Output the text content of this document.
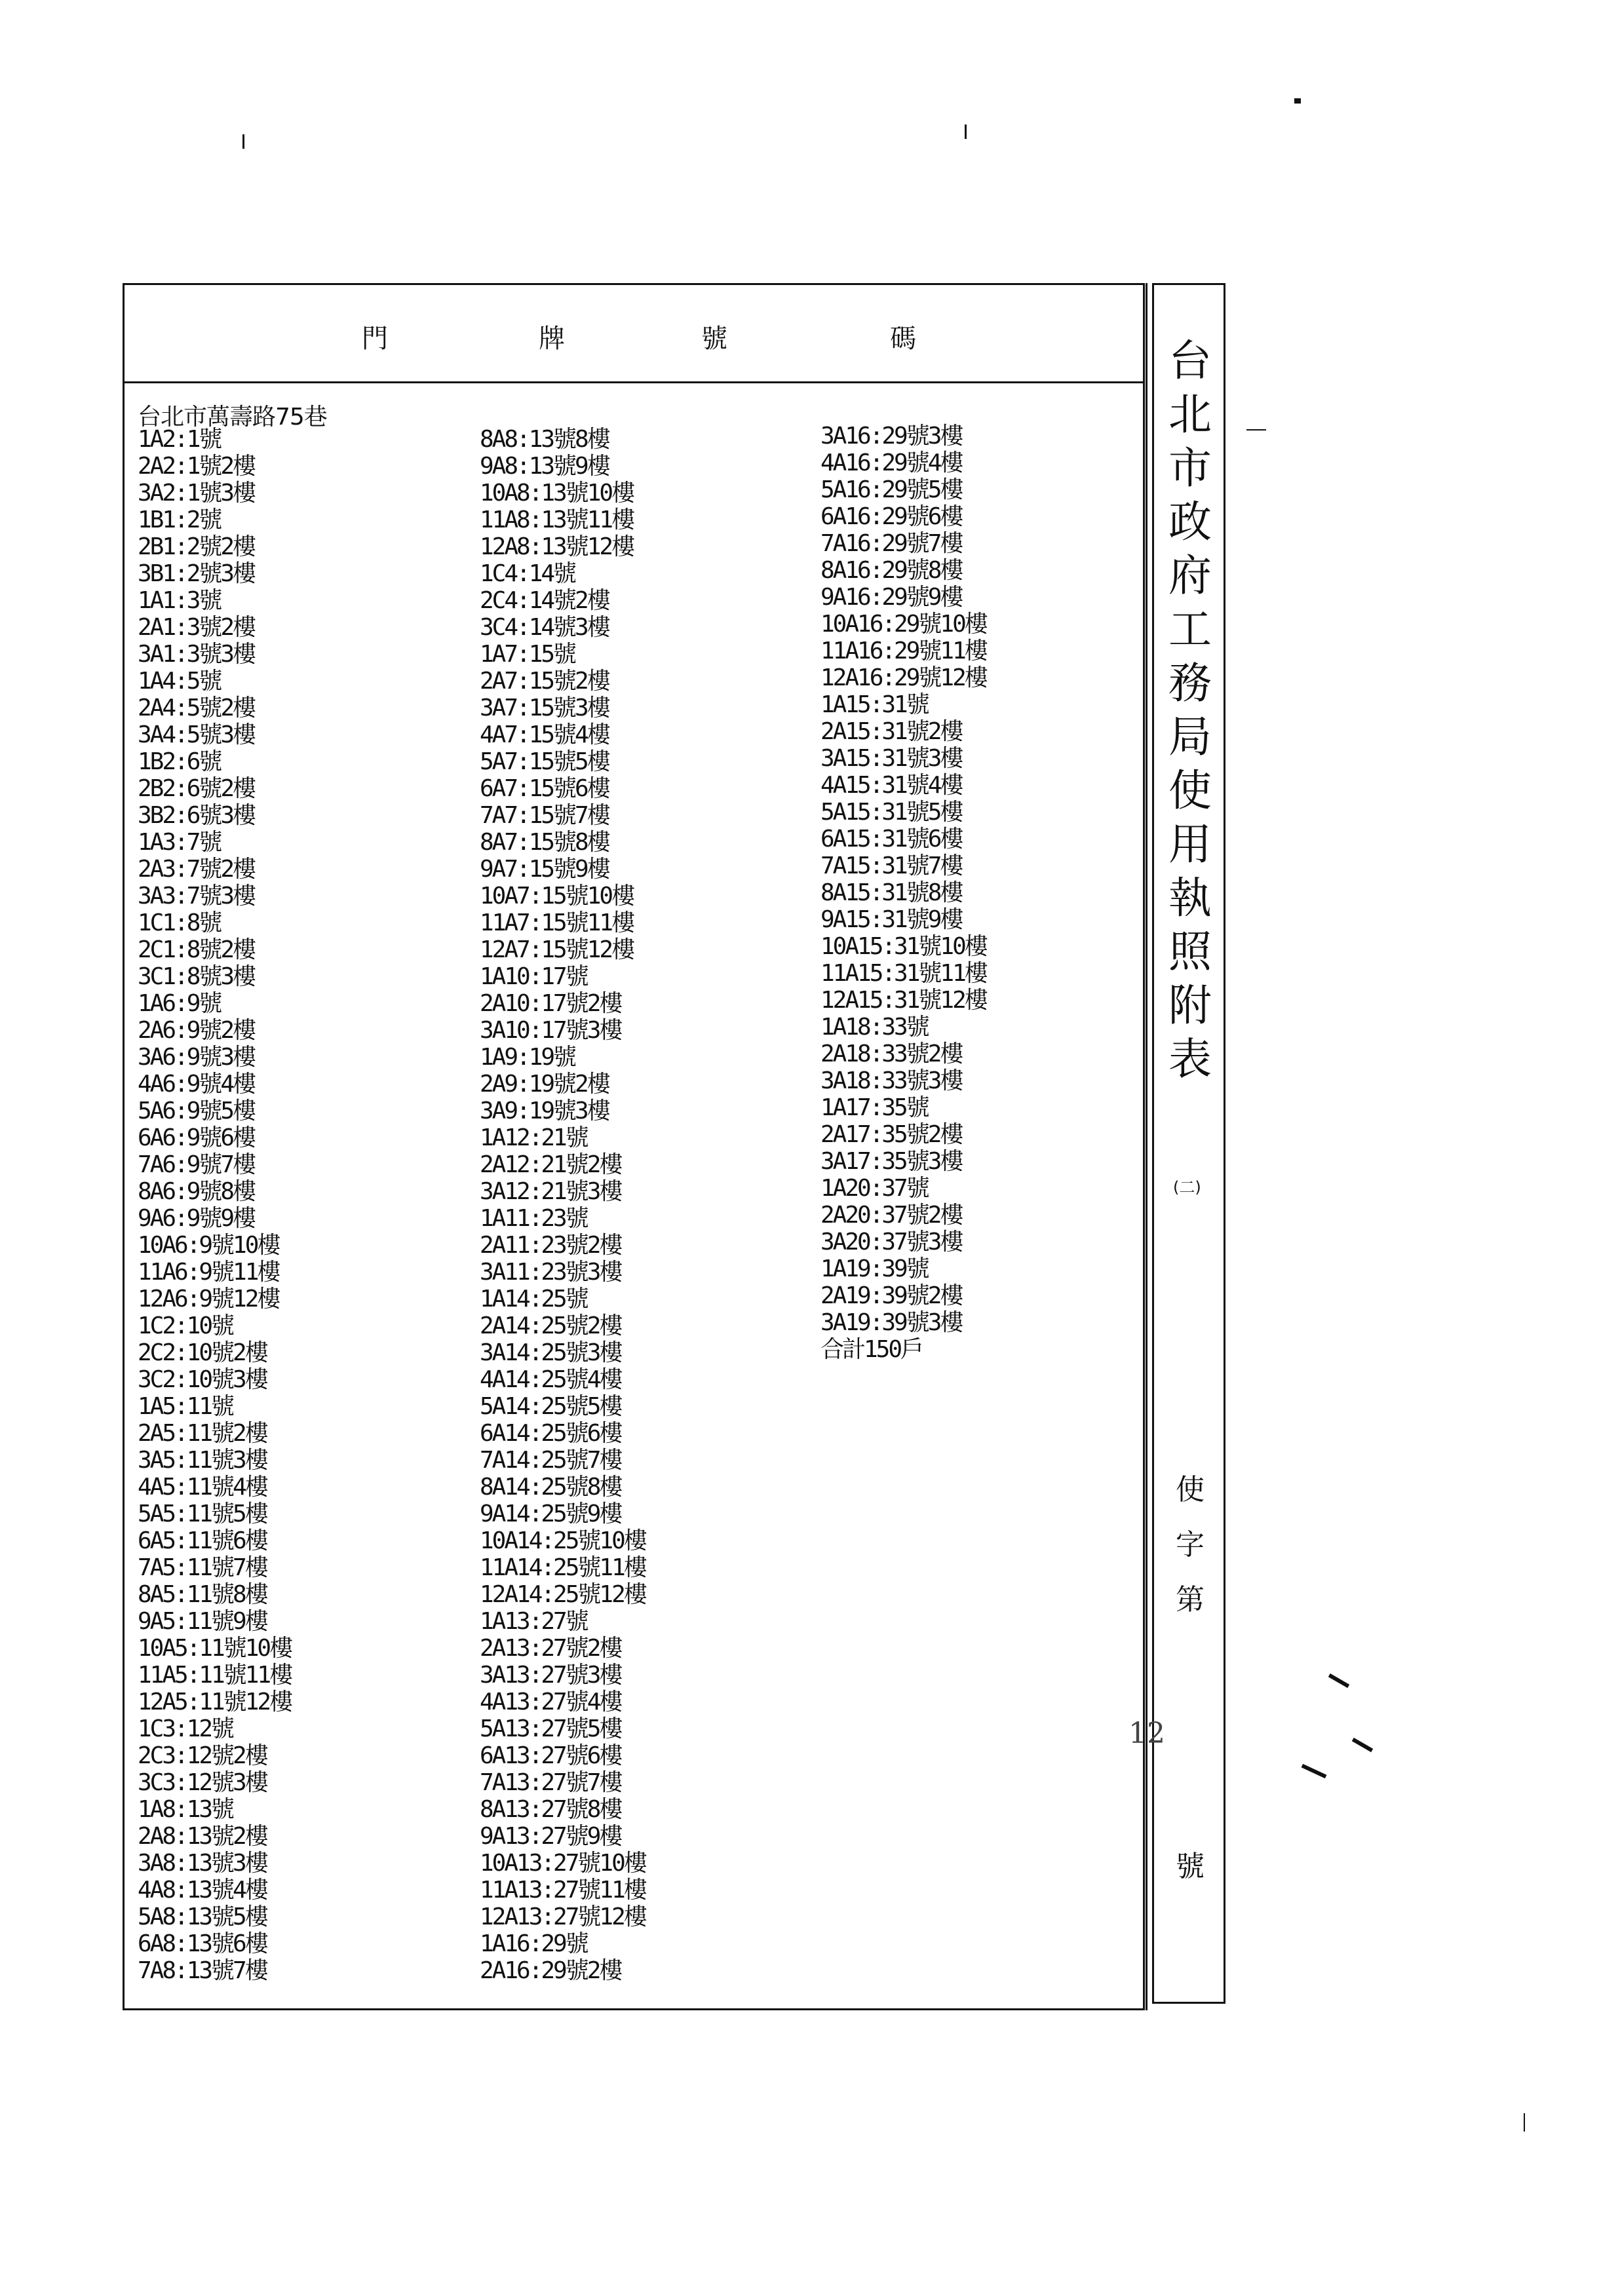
門	牌	號	碼	台
北
市
政
府
工
務
局
使
用
執
照
附
表
(二)
使
字
第
12
號
台北市萬壽路75巷
1A2:1號
2A2:1號2樓
3A2:1號3樓
1B1:2號
2B1:2號2樓
3B1:2號3樓
1A1:3號
2A1:3號2樓
3A1:3號3樓
1A4:5號
2A4:5號2樓
3A4:5號3樓
1B2:6號
2B2:6號2樓
3B2:6號3樓
1A3:7號
2A3:7號2樓
3A3:7號3樓
1C1:8號
2C1:8號2樓
3C1:8號3樓
1A6:9號
2A6:9號2樓
3A6:9號3樓
4A6:9號4樓
5A6:9號5樓
6A6:9號6樓
7A6:9號7樓
8A6:9號8樓
9A6:9號9樓
10A6:9號10樓
11A6:9號11樓
12A6:9號12樓
1C2:10號
2C2:10號2樓
3C2:10號3樓
1A5:11號
2A5:11號2樓
3A5:11號3樓
4A5:11號4樓
5A5:11號5樓
6A5:11號6樓
7A5:11號7樓
8A5:11號8樓
9A5:11號9樓
10A5:11號10樓
11A5:11號11樓
12A5:11號12樓
1C3:12號
2C3:12號2樓
3C3:12號3樓
1A8:13號
2A8:13號2樓
3A8:13號3樓
4A8:13號4樓
5A8:13號5樓
6A8:13號6樓
7A8:13號7樓
8A8:13號8樓
9A8:13號9樓
10A8:13號10樓
11A8:13號11樓
12A8:13號12樓
1C4:14號
2C4:14號2樓
3C4:14號3樓
1A7:15號
2A7:15號2樓
3A7:15號3樓
4A7:15號4樓
5A7:15號5樓
6A7:15號6樓
7A7:15號7樓
8A7:15號8樓
9A7:15號9樓
10A7:15號10樓
11A7:15號11樓
12A7:15號12樓
1A10:17號
2A10:17號2樓
3A10:17號3樓
1A9:19號
2A9:19號2樓
3A9:19號3樓
1A12:21號
2A12:21號2樓
3A12:21號3樓
1A11:23號
2A11:23號2樓
3A11:23號3樓
1A14:25號
2A14:25號2樓
3A14:25號3樓
4A14:25號4樓
5A14:25號5樓
6A14:25號6樓
7A14:25號7樓
8A14:25號8樓
9A14:25號9樓
10A14:25號10樓
11A14:25號11樓
12A14:25號12樓
1A13:27號
2A13:27號2樓
3A13:27號3樓
4A13:27號4樓
5A13:27號5樓
6A13:27號6樓
7A13:27號7樓
8A13:27號8樓
9A13:27號9樓
10A13:27號10樓
11A13:27號11樓
12A13:27號12樓
1A16:29號
2A16:29號2樓
3A16:29號3樓
4A16:29號4樓
5A16:29號5樓
6A16:29號6樓
7A16:29號7樓
8A16:29號8樓
9A16:29號9樓
10A16:29號10樓
11A16:29號11樓
12A16:29號12樓
1A15:31號
2A15:31號2樓
3A15:31號3樓
4A15:31號4樓
5A15:31號5樓
6A15:31號6樓
7A15:31號7樓
8A15:31號8樓
9A15:31號9樓
10A15:31號10樓
11A15:31號11樓
12A15:31號12樓
1A18:33號
2A18:33號2樓
3A18:33號3樓
1A17:35號
2A17:35號2樓
3A17:35號3樓
1A20:37號
2A20:37號2樓
3A20:37號3樓
1A19:39號
2A19:39號2樓
3A19:39號3樓
合計150戶
